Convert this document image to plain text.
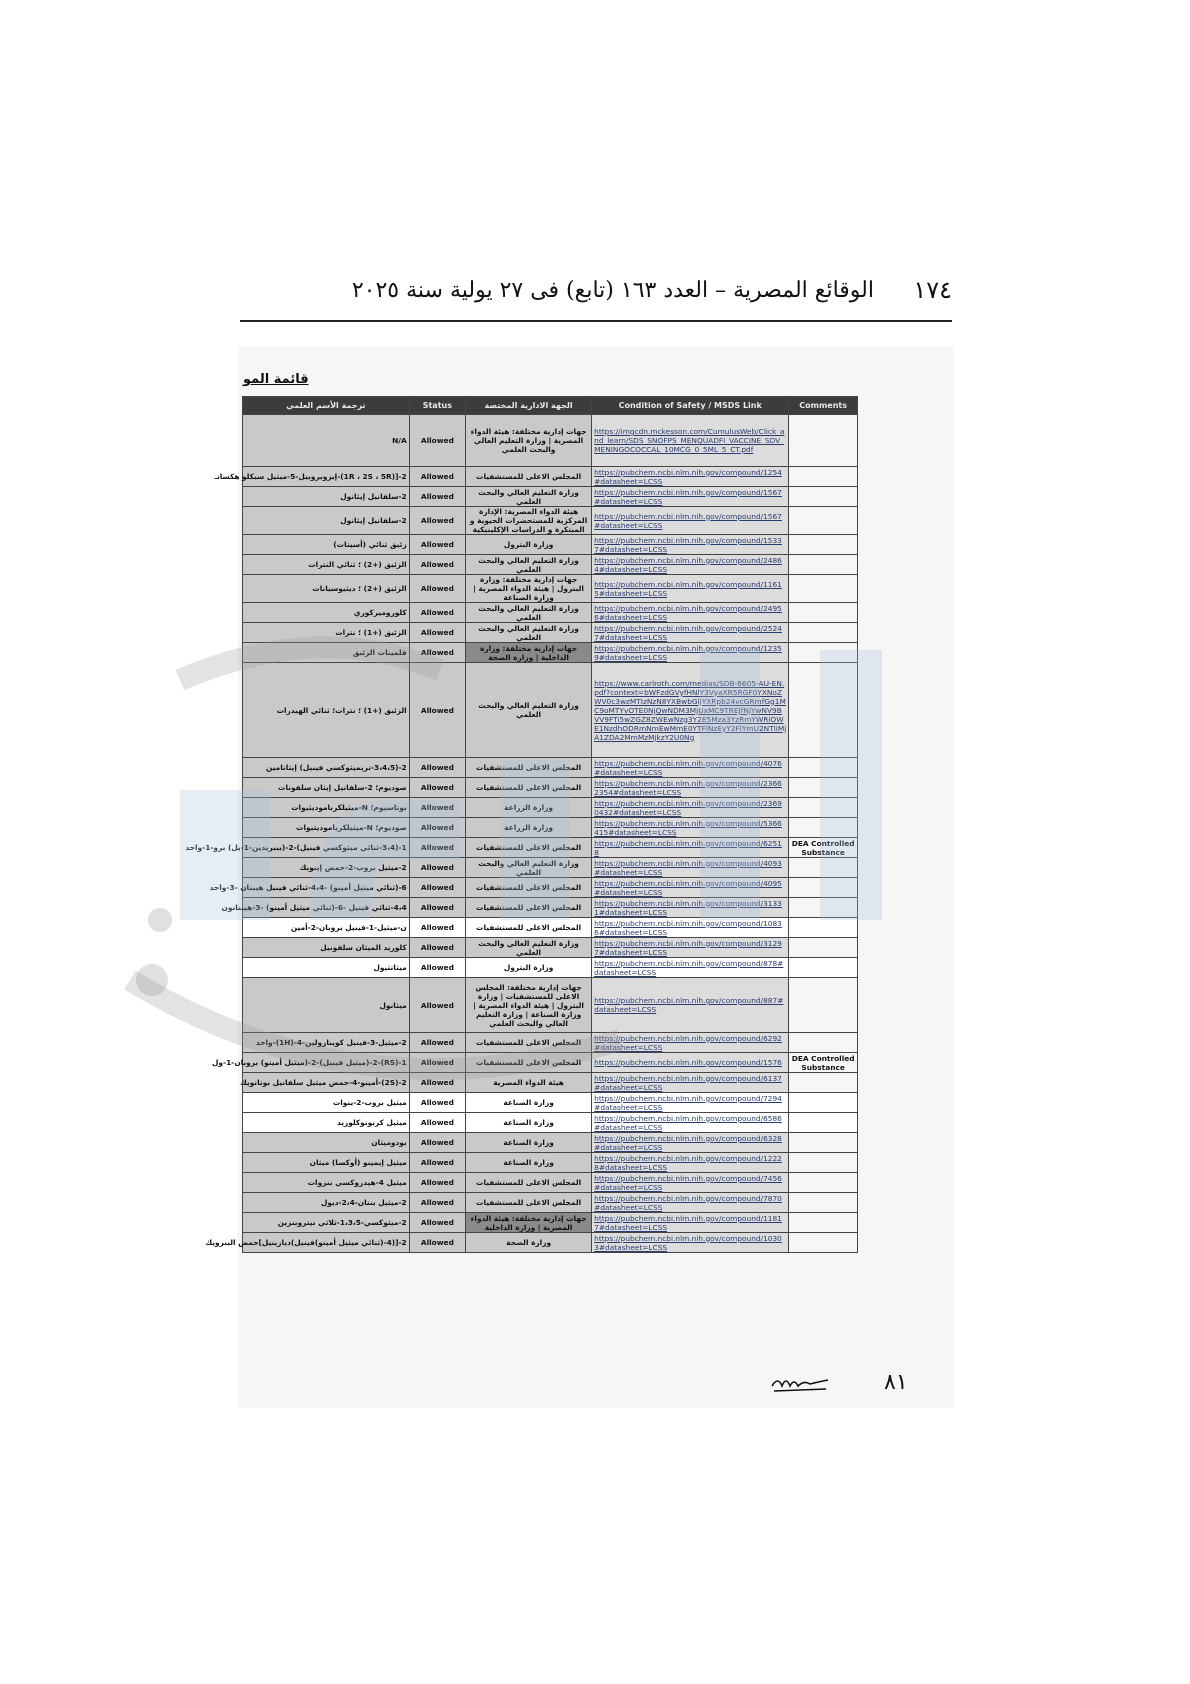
١٧٤
الوقائع المصرية – العدد ١٦٣ (تابع) فى ٢٧ يولية سنة ٢٠٢٥
قائمة المو
ترجمة الأسم العلمي	Status	الجهة الادارية المختصة	Condition of Safety / MSDS Link	Comments
N/A	Allowed	جهات إدارية مختلفة: هيئة الدواء المصرية | وزارة التعليم العالي والبحث العلمي	https://imgcdn.mckesson.com/CumulusWeb/Click_and_learn/SDS_SNOFPS_MENQUADFI_VACCINE_SDV_MENINGOCOCCAL_10MCG_0_5ML_5_CT.pdf	
2-[(1R ، 2S ، 5R)-إيزوبروبيل-5-ميثيل سيكلو هكسانـ	Allowed	المجلس الاعلى للمستشفيات	https://pubchem.ncbi.nlm.nih.gov/compound/1254#datasheet=LCSS	
2-سلفانيل إيثانول	Allowed	وزارة التعليم العالي والبحث العلمي	https://pubchem.ncbi.nlm.nih.gov/compound/1567#datasheet=LCSS	
2-سلفانيل إيثانول	Allowed	هيئة الدواء المصرية: الإدارة المركزية للمستحضرات الحيوية و المبتكرة و الدراسات الإكلينيكية	https://pubchem.ncbi.nlm.nih.gov/compound/1567#datasheet=LCSS	
زئبق ثنائي (أسيتات)	Allowed	وزارة البترول	https://pubchem.ncbi.nlm.nih.gov/compound/15337#datasheet=LCSS	
الزئبق (+2) ؛ ثنائي النترات	Allowed	وزارة التعليم العالي والبحث العلمي	https://pubchem.ncbi.nlm.nih.gov/compound/24864#datasheet=LCSS	
الزئبق (+2) ؛ ديثيوسيانات	Allowed	جهات إدارية مختلفة: وزارة البترول | هيئة الدواء المصرية | وزارة الصناعة	https://pubchem.ncbi.nlm.nih.gov/compound/11615#datasheet=LCSS	
كلوروميركوري	Allowed	وزارة التعليم العالي والبحث العلمي	https://pubchem.ncbi.nlm.nih.gov/compound/24956#datasheet=LCSS	
الزئبق (+1) ؛ نترات	Allowed	وزارة التعليم العالي والبحث العلمي	https://pubchem.ncbi.nlm.nih.gov/compound/25247#datasheet=LCSS	
فلمينات الزئبق	Allowed	جهات إدارية مختلفة: وزارة الداخلية | وزارة الصحة	https://pubchem.ncbi.nlm.nih.gov/compound/12359#datasheet=LCSS	
الزئبق (+1) ؛ نترات؛ ثنائي الهيدرات	Allowed	وزارة التعليم العالي والبحث العلمي	https://www.carlroth.com/medias/SDB-6605-AU-EN.pdf?context=bWFzdGVyfHNlY3VyaXR5RGF0YXNoZWV0c3wzMTIzNzN8YXBwbGljYXRpb24vcGRmfGg1MC9oMTYvOTE0NjQwNDM3MjUxMC9TREJfNjYwNV9BVV9FTi5wZGZ8ZWEwNzg3Y2E5Mza3YzRmYWRiOWE1NzdhODRmNmEwMmE0YTFlNzEyY2FlYmU2NTliMjA1ZDA2MmMzMjkzY2U0Ng	
2-(3،4،5-تريميثوكسي فينيل) إيثانامين	Allowed	المجلس الاعلى للمستشفيات	https://pubchem.ncbi.nlm.nih.gov/compound/4076#datasheet=LCSS	
صوديوم؛ 2-سلفانيل إيثان سلفونات	Allowed	المجلس الاعلى للمستشفيات	https://pubchem.ncbi.nlm.nih.gov/compound/23662354#datasheet=LCSS	
بوتاسيوم؛ N-ميثيلكرباموديثيوات	Allowed	وزارة الزراعة	https://pubchem.ncbi.nlm.nih.gov/compound/23690432#datasheet=LCSS	
صوديوم؛ N-ميثيلكرباموديثيوات	Allowed	وزارة الزراعة	https://pubchem.ncbi.nlm.nih.gov/compound/5366415#datasheet=LCSS	
1-(3،4-ثنائي ميثوكسي فينيل)-2-(بيبريدين-1-يل) برو-1-واحد	Allowed	المجلس الاعلى للمستشفيات	https://pubchem.ncbi.nlm.nih.gov/compound/62518	DEA Controlled Substance
2-ميثيل بروب-2-حمض إينويك	Allowed	وزارة التعليم العالي والبحث العلمي	https://pubchem.ncbi.nlm.nih.gov/compound/4093#datasheet=LCSS	
6-(ثنائي ميثيل أمينو) -4،4-ثنائي فينيل هيبتان -3-واحد	Allowed	المجلس الاعلى للمستشفيات	https://pubchem.ncbi.nlm.nih.gov/compound/4095#datasheet=LCSS	
4،4-ثنائي فينيل -6-(ثنائي ميثيل أمينو) -3-هيبتانون	Allowed	المجلس الاعلى للمستشفيات	https://pubchem.ncbi.nlm.nih.gov/compound/31331#datasheet=LCSS	
ن-ميثيل-1-فينيل بروبان-2-أمين	Allowed	المجلس الاعلى للمستشفيات	https://pubchem.ncbi.nlm.nih.gov/compound/10836#datasheet=LCSS	
كلوريد الميثان سلفونيل	Allowed	وزارة التعليم العالي والبحث العلمي	https://pubchem.ncbi.nlm.nih.gov/compound/31297#datasheet=LCSS	
ميثانثيول	Allowed	وزارة البترول	https://pubchem.ncbi.nlm.nih.gov/compound/878#datasheet=LCSS	
ميثانول	Allowed	جهات إدارية مختلفة: المجلس الاعلى للمستشفيات | وزارة البترول | هيئة الدواء المصرية | وزارة الصناعة | وزارة التعليم العالي والبحث العلمي	https://pubchem.ncbi.nlm.nih.gov/compound/887#datasheet=LCSS	
2-ميثيل-3-فينيل كوينازولين-4-(1H)-واحد	Allowed	المجلس الاعلى للمستشفيات	https://pubchem.ncbi.nlm.nih.gov/compound/6292#datasheet=LCSS	
1-(RS)-2-(ميثيل فينيل)-2-(ميثيل أمينو) بروبان-1-ول	Allowed	المجلس الاعلى للمستشفيات	https://pubchem.ncbi.nlm.nih.gov/compound/1576	DEA Controlled Substance
2-(2S)-أمينو-4-حمض ميثيل سلفانيل بوتانويك	Allowed	هيئة الدواء المصرية	https://pubchem.ncbi.nlm.nih.gov/compound/6137#datasheet=LCSS	
ميثيل بروب-2-ينوات	Allowed	وزارة الصناعة	https://pubchem.ncbi.nlm.nih.gov/compound/7294#datasheet=LCSS	
ميثيل كربونوكلوريد	Allowed	وزارة الصناعة	https://pubchem.ncbi.nlm.nih.gov/compound/6586#datasheet=LCSS	
بودوميثان	Allowed	وزارة الصناعة	https://pubchem.ncbi.nlm.nih.gov/compound/6328#datasheet=LCSS	
ميثيل إيمينو (أوكسا) ميثان	Allowed	وزارة الصناعة	https://pubchem.ncbi.nlm.nih.gov/compound/12228#datasheet=LCSS	
ميثيل 4-هيدروكسي بنزوات	Allowed	المجلس الاعلى للمستشفيات	https://pubchem.ncbi.nlm.nih.gov/compound/7456#datasheet=LCSS	
2-ميثيل بنتان-2،4-ديول	Allowed	المجلس الاعلى للمستشفيات	https://pubchem.ncbi.nlm.nih.gov/compound/7870#datasheet=LCSS	
2-ميثوكسي-1،3،5-ثلاثي نيتروبنزين	Allowed	جهات إدارية مختلفة: هيئة الدواء المصرية | وزارة الداخلية	https://pubchem.ncbi.nlm.nih.gov/compound/11817#datasheet=LCSS	
2-[(4-(ثنائي ميثيل أمينو)فينيل)ديازينيل]حمض البنزويك	Allowed	وزارة الصحة	https://pubchem.ncbi.nlm.nih.gov/compound/10303#datasheet=LCSS	
٨١
